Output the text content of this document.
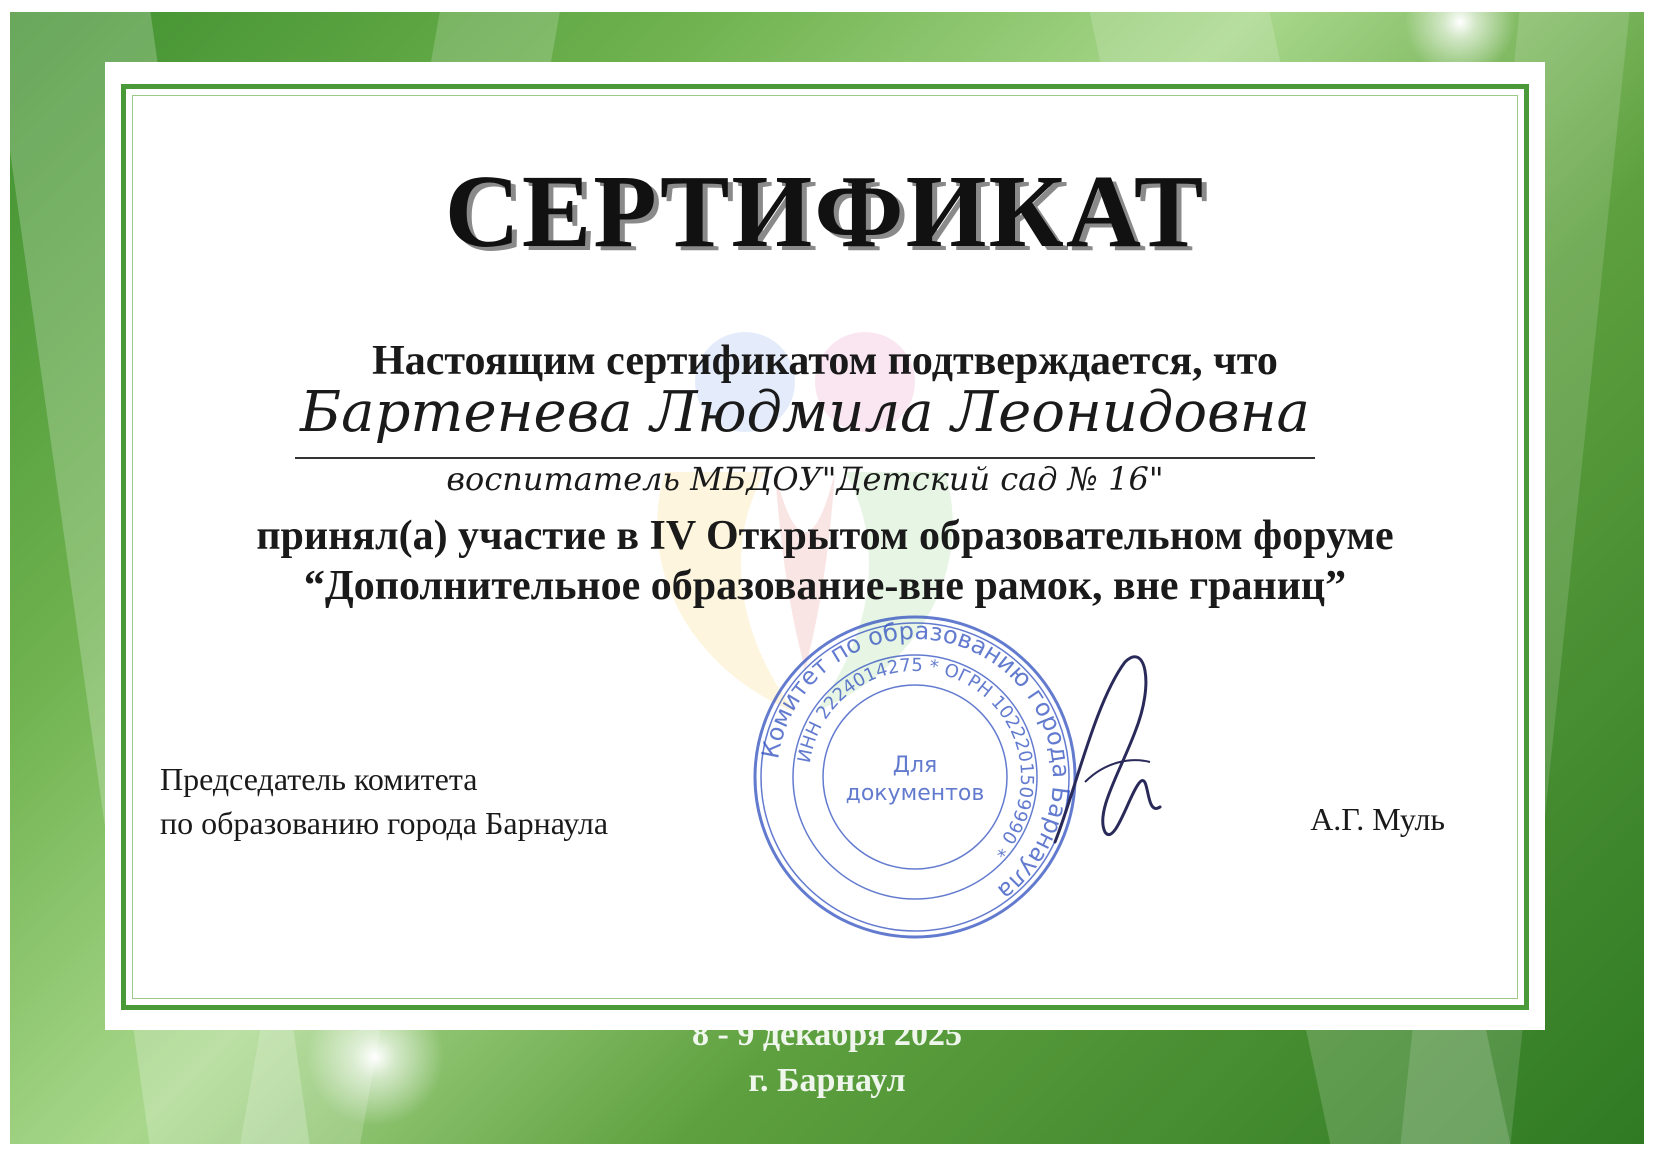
СЕРТИФИКАТ
Настоящим сертификатом подтверждается, что
Бартенева Людмила Леонидовна
воспитатель МБДОУ"Детский сад № 16"
принял(а) участие в IV Открытом образовательном форуме
“Дополнительное образование-вне рамок, вне границ”
Председатель комитета
по образованию города Барнаула	А.Г. Муль
Комитет по образованию города Барнаула
ИНН 2224014275 * ОГРН 1022201509990 *
Для
документов
8 - 9 декабря 2025
г. Барнаул
